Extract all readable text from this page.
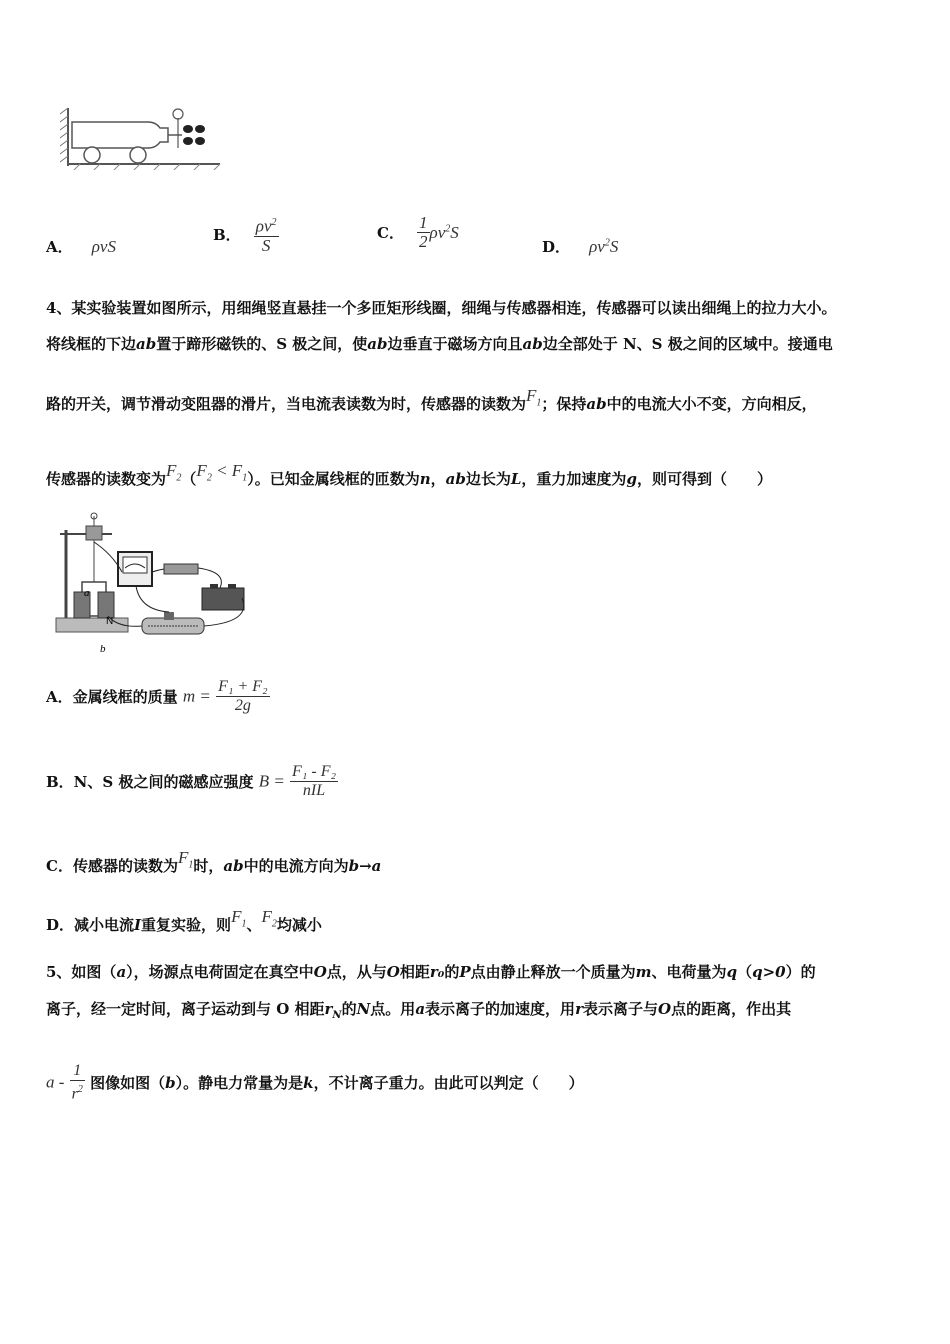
A． ρvS
B． $\frac{\rho v^2}{S}$	C． $\frac{1}{2} \rho v^2S$
D． $\rho v^2S$
4、某实验装置如图所示，用细绳竖直悬挂一个多匝矩形线圈，细绳与传感器相连，传感器可以读出细绳上的拉力大小。
将线框的下边ab置于蹄形磁铁的、S 极之间，使ab边垂直于磁场方向且ab边全部处于 N、S 极之间的区域中。接通电
路的开关，调节滑动变阻器的滑片，当电流表读数为时，传感器的读数为$F_1$；保持ab中的电流大小不变，方向相反，
传感器的读数变为$F_2(F_2 < F_1)$。已知金属线框的匝数为n，ab边长为L，重力加速度为g，则可得到（　　）
a
N
b
A．金属线框的质量 $m = \frac{\text{F₁ + F₂}}{2g}$
B．N、S 极之间的磁感应强度 $B = \frac{\text{F₁ - F₂}}{\text{nIL}}$
C．传感器的读数为$F_1$时，ab中的电流方向为b→a
D．减小电流I重复实验，则$F_1$、$F_2$均减小
5、如图（a），场源点电荷固定在真空中O点，从与O相距r₀的P点由静止释放一个质量为m、电荷量为q（q>0）的
离子，经一定时间，离子运动到与 O 相距$r_N$的N点。用a表示离子的加速度，用r表示离子与O点的距离，作出其
a - $\frac{1}{r^2}$ 图像如图（b）。静电力常量为是k，不计离子重力。由此可以判定（　　）
